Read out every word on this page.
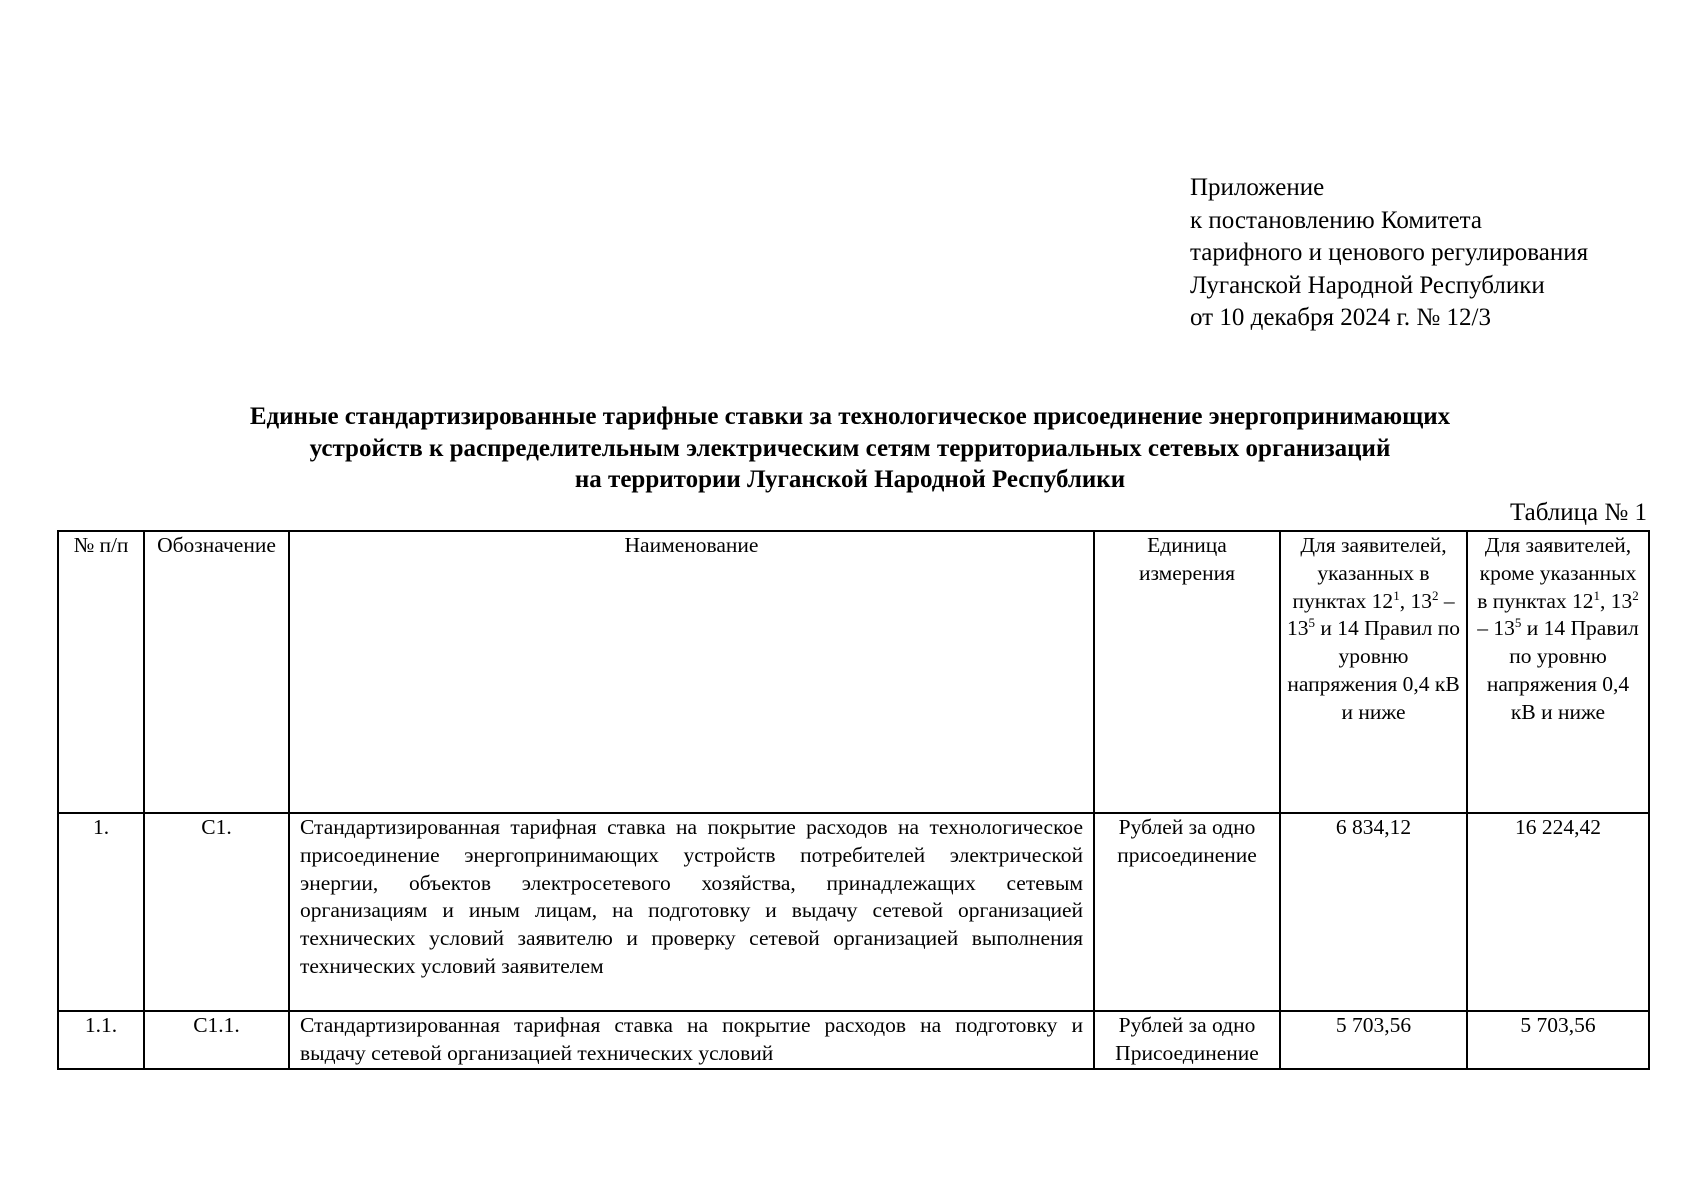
Приложение
к постановлению Комитета
тарифного и ценового регулирования
Луганской Народной Республики
от 10 декабря 2024 г. № 12/3
Единые стандартизированные тарифные ставки за технологическое присоединение энергопринимающих
устройств к распределительным электрическим сетям территориальных сетевых организаций
на территории Луганской Народной Республики
Таблица № 1
№ п/п	Обозначение	Наименование	Единица измерения	Для заявителей, указанных в пунктах $12^1$, $13^2 - 13^5$ и 14 Правил по уровню напряжения 0,4 кВ и ниже	Для заявителей, кроме указанных в пунктах $12^1$, $13^2 - 13^5$ и 14 Правил по уровню напряжения 0,4 кВ и ниже
1.	С1.	Стандартизированная тарифная ставка на покрытие расходов на технологическое присоединение энергопринимающих устройств потребителей электрической энергии, объектов электросетевого хозяйства, принадлежащих сетевым организациям и иным лицам, на подготовку и выдачу сетевой организацией технических условий заявителю и проверку сетевой организацией выполнения технических условий заявителем	Рублей за одно присоединение	6 834,12	16 224,42
1.1.	С1.1.	Стандартизированная тарифная ставка на покрытие расходов на подготовку и выдачу сетевой организацией технических условий	Рублей за одно Присоединение	5 703,56	5 703,56
